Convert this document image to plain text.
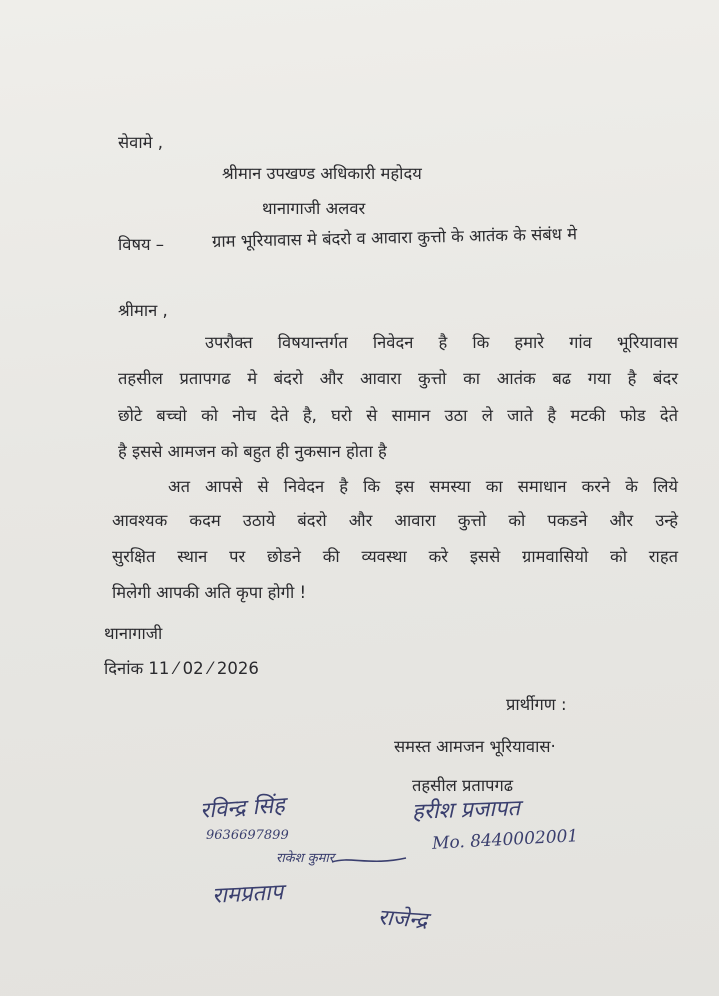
सेवामे ,
श्रीमान उपखण्ड अधिकारी महोदय
थानागाजी अलवर
विषय –	ग्राम भूरियावास मे बंदरो व आवारा कुत्तो के आतंक के संबंध मे
श्रीमान ,
उपरौक्त विषयान्तर्गत निवेदन है कि हमारे गांव भूरियावास
तहसील प्रतापगढ मे बंदरो और आवारा कुत्तो का आतंक बढ गया है बंदर
छोटे बच्चो को नोच देते है, घरो से सामान उठा ले जाते है मटकी फोड देते
है इससे आमजन को बहुत ही नुकसान होता है
अत आपसे से निवेदन है कि इस समस्या का समाधान करने के लिये
आवश्यक कदम उठाये बंदरो और आवारा कुत्तो को पकडने और उन्हे
सुरक्षित स्थान पर छोडने की व्यवस्था करे इससे ग्रामवासियो को राहत
मिलेगी आपकी अति कृपा होगी !
थानागाजी
दिनांक 11 ⁄ 02 ⁄ 2026
प्रार्थीगण :
समस्त आमजन भूरियावास·
तहसील प्रतापगढ
रविन्द्र सिंह
9636697899
राकेश कुमार
हरीश प्रजापत
Mo. 8440002001
रामप्रताप
राजेन्द्र
